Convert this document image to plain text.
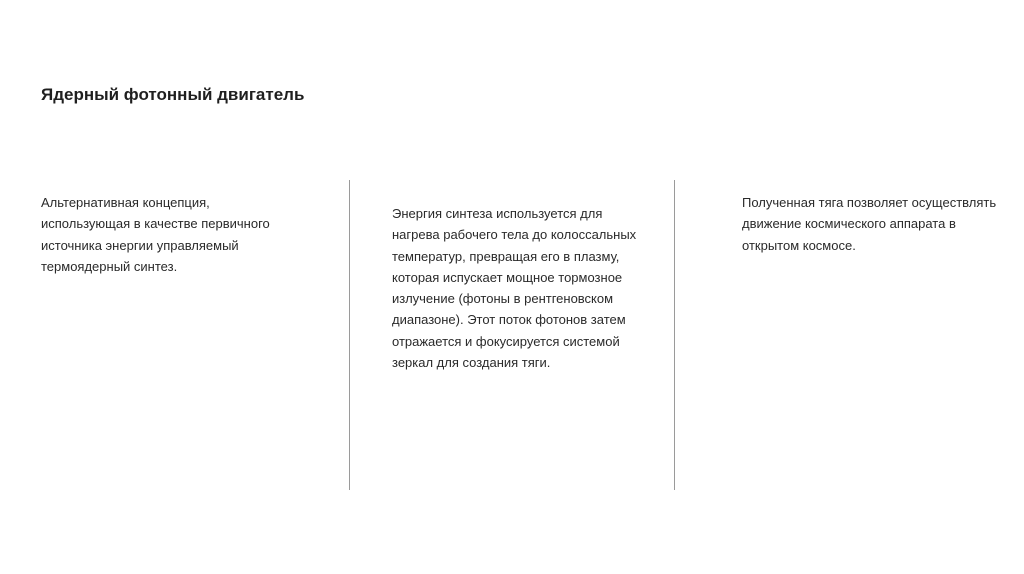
Ядерный фотонный двигатель
Альтернативная концепция,
использующая в качестве первичного
источника энергии управляемый
термоядерный синтез.
Энергия синтеза используется для
нагрева рабочего тела до колоссальных
температур, превращая его в плазму,
которая испускает мощное тормозное
излучение (фотоны в рентгеновском
диапазоне). Этот поток фотонов затем
отражается и фокусируется системой
зеркал для создания тяги.
Полученная тяга позволяет осуществлять
движение космического аппарата в
открытом космосе.
